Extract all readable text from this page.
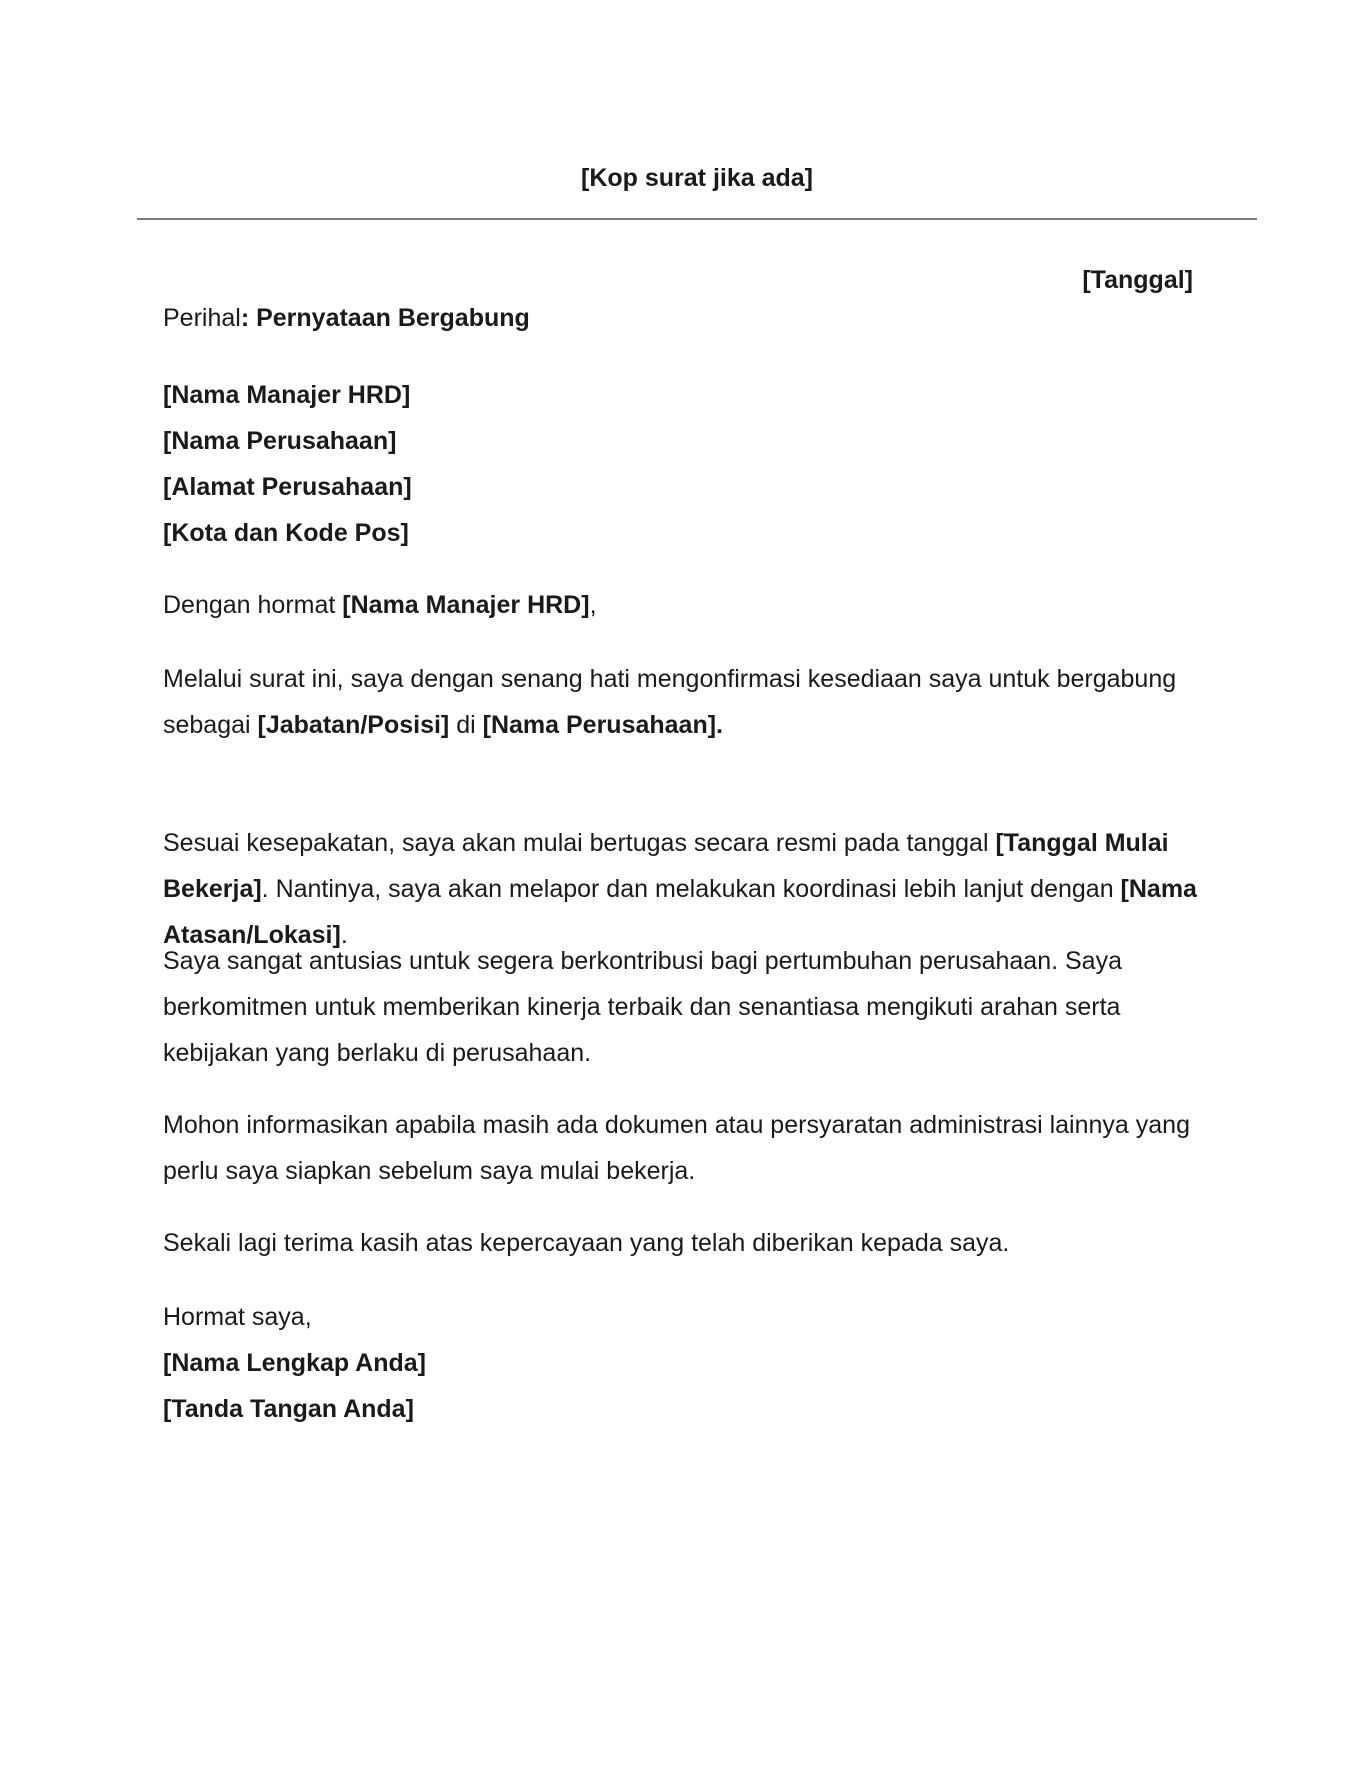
[Kop surat jika ada]
[Tanggal]
Perihal: Pernyataan Bergabung

[Nama Manajer HRD]

[Nama Perusahaan]

[Alamat Perusahaan]

[Kota dan Kode Pos]

Dengan hormat [Nama Manajer HRD],
Melalui surat ini, saya dengan senang hati mengonfirmasi kesediaan saya untuk bergabung sebagai [Jabatan/Posisi] di [Nama Perusahaan].
Sesuai kesepakatan, saya akan mulai bertugas secara resmi pada tanggal [Tanggal Mulai Bekerja]. Nantinya, saya akan melapor dan melakukan koordinasi lebih lanjut dengan [Nama Atasan/Lokasi].
Saya sangat antusias untuk segera berkontribusi bagi pertumbuhan perusahaan. Saya berkomitmen untuk memberikan kinerja terbaik dan senantiasa mengikuti arahan serta kebijakan yang berlaku di perusahaan.
Mohon informasikan apabila masih ada dokumen atau persyaratan administrasi lainnya yang perlu saya siapkan sebelum saya mulai bekerja.
Sekali lagi terima kasih atas kepercayaan yang telah diberikan kepada saya.

Hormat saya,

[Nama Lengkap Anda]

[Tanda Tangan Anda]
